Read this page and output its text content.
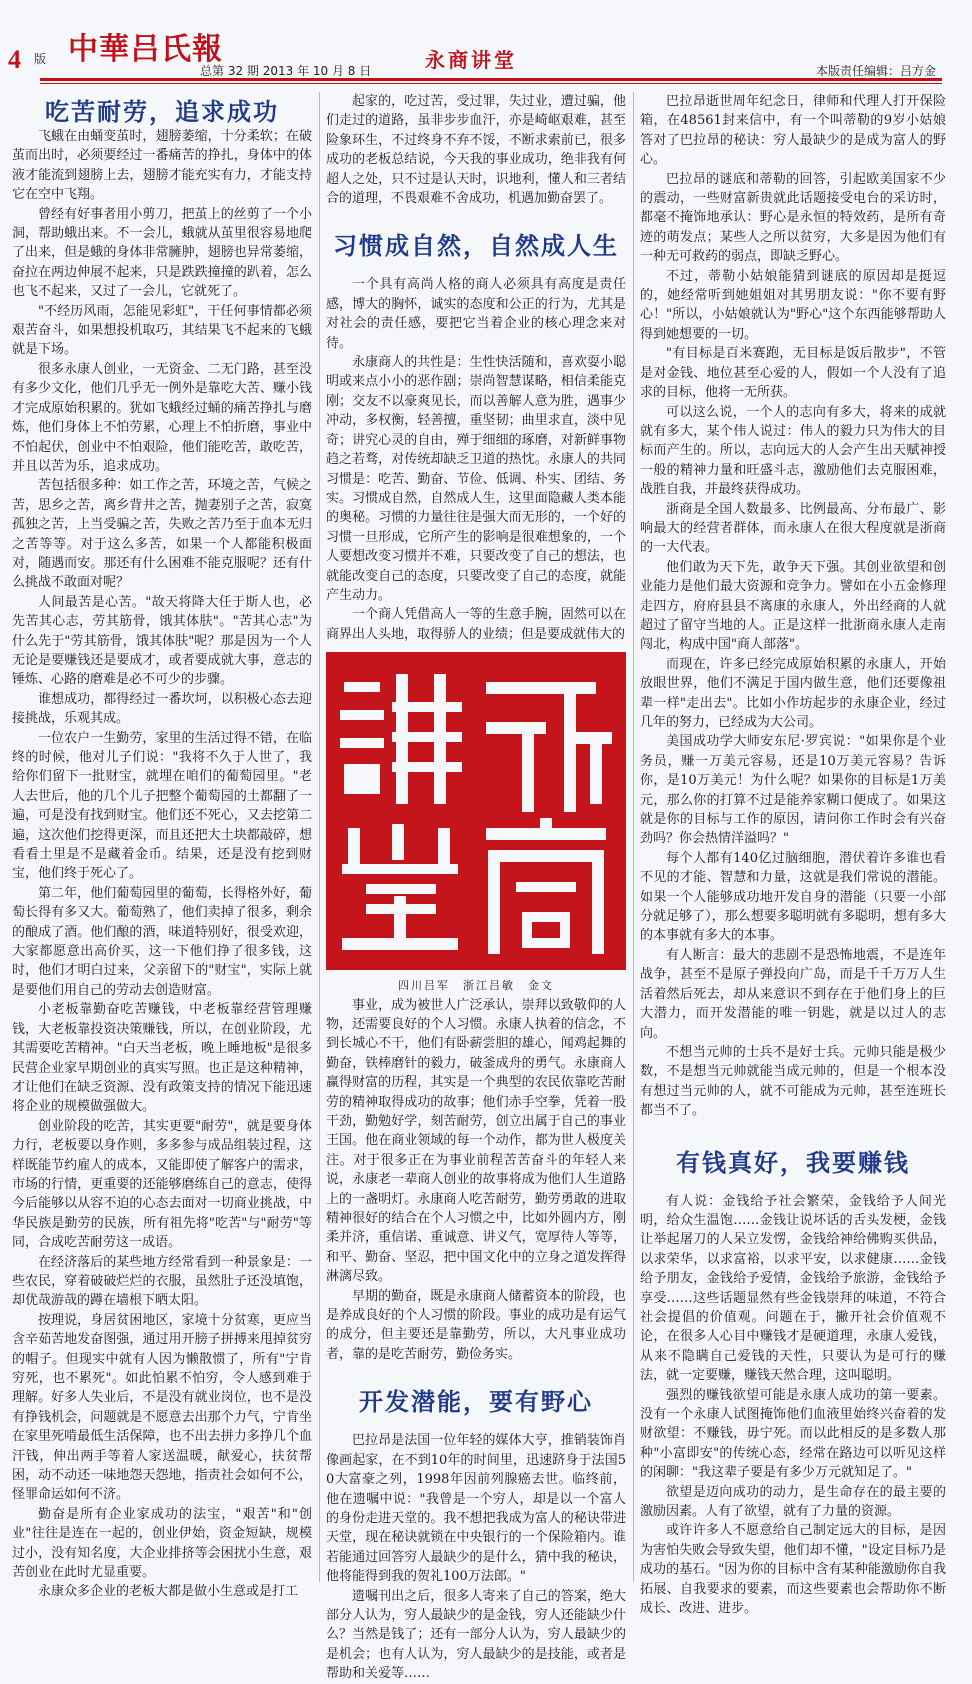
4 版 中華吕氏報
总第 32 期 2013 年 10 月 8 日	永商讲堂	本版责任编辑：吕方金

吃苦耐劳，追求成功

飞蛾在由蛹变茧时，翅膀萎缩，十分柔软；在破茧而出时，必须要经过一番痛苦的挣扎，身体中的体液才能流到翅膀上去，翅膀才能充实有力，才能支持它在空中飞翔。

曾经有好事者用小剪刀，把茧上的丝剪了一个小洞，帮助蛾出来。不一会儿，蛾就从茧里很容易地爬了出来，但是蛾的身体非常臃肿，翅膀也异常萎缩，奋拉在两边伸展不起来，只是跌跌撞撞的趴着，怎么也飞不起来，又过了一会儿，它就死了。

"不经历风雨，怎能见彩虹"，干任何事情都必须艰苦奋斗，如果想投机取巧，其结果飞不起来的飞蛾就是下场。

很多永康人创业，一无资金、二无门路，甚至没有多少文化，他们几乎无一例外是靠吃大苦、赚小钱才完成原始积累的。犹如飞蛾经过蛹的痛苦挣扎与磨炼，他们身体上不怕劳累，心理上不怕折磨，事业中不怕起伏，创业中不怕艰险，他们能吃苦，敢吃苦，并且以苦为乐，追求成功。

苦包括很多种：如工作之苦，环境之苦，气候之苦，思乡之苦，离乡背井之苦，抛妻别子之苦，寂寞孤独之苦，上当受骗之苦，失败之苦乃至于血本无归之苦等等。对于这么多苦，如果一个人都能积极面对，随遇而安。那还有什么困难不能克服呢？还有什么挑战不敢面对呢？

人间最苦是心苦。"故天将降大任于斯人也，必先苦其心志，劳其筋骨，饿其体肤"。"苦其心志"为什么先于"劳其筋骨，饿其体肤"呢？那是因为一个人无论是要赚钱还是要成才，或者要成就大事，意志的锤炼、心路的磨难是必不可少的步骤。

谁想成功，都得经过一番坎坷，以积极心态去迎接挑战，乐观其成。

一位农户一生勤劳，家里的生活过得不错，在临终的时候，他对儿子们说："我将不久于人世了，我给你们留下一批财宝，就埋在咱们的葡萄园里。"老人去世后，他的几个儿子把整个葡萄园的土都翻了一遍，可是没有找到财宝。他们还不死心，又去挖第二遍，这次他们挖得更深，而且还把大土块都敲碎，想看看土里是不是藏着金币。结果，还是没有挖到财宝，他们终于死心了。

第二年，他们葡萄园里的葡萄，长得格外好，葡萄长得有多又大。葡萄熟了，他们卖掉了很多，剩余的酿成了酒。他们酿的酒，味道特别好，很受欢迎，大家都愿意出高价买，这一下他们挣了很多钱，这时，他们才明白过来，父亲留下的"财宝"，实际上就是要他们用自己的劳动去创造财富。

小老板靠勤奋吃苦赚钱，中老板靠经营管理赚钱，大老板靠投资决策赚钱，所以，在创业阶段，尤其需要吃苦精神。"白天当老板，晚上睡地板"是很多民营企业家早期创业的真实写照。也正是这种精神，才让他们在缺乏资源、没有政策支持的情况下能迅速将企业的规模做强做大。

创业阶段的吃苦，其实更要"耐劳"，就是要身体力行，老板要以身作则，多多参与成品组装过程，这样既能节约雇人的成本，又能即使了解客户的需求，市场的行情，更重要的还能够磨练自己的意志，使得今后能够以从容不迫的心态去面对一切商业挑战，中华民族是勤劳的民族，所有祖先将"吃苦"与"耐劳"等同，合成吃苦耐劳这一成语。

在经济落后的某些地方经常看到一种景象是：一些农民，穿着破破烂烂的衣服，虽然肚子还没填饱，却优哉游哉的蹲在墙根下晒太阳。

按理说，身居贫困地区，家境十分贫寒，更应当含辛茹苦地发奋图强，通过用开膀子拼搏来甩掉贫穷的帽子。但现实中就有人因为懒散惯了，所有"宁肯穷死，也不累死"。如此怕累不怕穷，令人感到难于理解。好多人失业后，不是没有就业岗位，也不是没有挣钱机会，问题就是不愿意去出那个力气，宁肯坐在家里死啃最低生活保障，也不出去拼力多挣几个血汗钱，伸出两手等着人家送温暖，献爱心，扶贫帮困，动不动还一味地怨天怨地，指责社会如何不公，怪罪命运如何不济。

勤奋是所有企业家成功的法宝，"艰苦"和"创业"往往是连在一起的，创业伊始，资金短缺，规模过小，没有知名度，大企业排挤等会困扰小生意，艰苦创业在此时尤显重要。

永康众多企业的老板大都是做小生意或是打工

起家的，吃过苦，受过罪，失过业，遭过骗，他们走过的道路，虽非步步血汗，亦是崎岖艰难，甚至险象环生，不过终身不弃不馁，不断求索前已，很多成功的老板总结说，今天我的事业成功，绝非我有何超人之处，只不过是认天时，识地利，懂人和三者结合的道理，不畏艰难不舍成功，机遇加勤奋罢了。

习惯成自然，自然成人生

一个具有高尚人格的商人必须具有高度是责任感，博大的胸怀，诚实的态度和公正的行为，尤其是对社会的责任感，要把它当着企业的核心理念来对待。

永康商人的共性是：生性快活随和，喜欢耍小聪明或来点小小的恶作剧；崇尚智慧谋略，相信柔能克刚；交友不以豪爽见长，而以善解人意为胜，遇事少冲动，多权衡，轻善擅，重坚韧；曲里求直，淡中见奇；讲究心灵的自由，殚于细细的琢磨，对新鲜事物趋之若骛，对传统却缺乏卫道的热忱。永康人的共同习惯是：吃苦、勤奋、节俭、低调、朴实、团结、务实。习惯成自然，自然成人生，这里面隐藏人类本能的奥秘。习惯的力量往往是强大而无形的，一个好的习惯一旦形成，它所产生的影响是很难想象的，一个人要想改变习惯并不难，只要改变了自己的想法，也就能改变自己的态度，只要改变了自己的态度，就能产生动力。

一个商人凭借高人一等的生意手腕，固然可以在商界出人头地，取得骄人的业绩；但是要成就伟大的

四川吕军　浙江吕敏　金文

事业，成为被世人广泛承认，崇拜以致敬仰的人物，还需要良好的个人习惯。永康人执着的信念，不到长城心不干，他们有卧薪尝胆的雄心，闻鸡起舞的勤奋，铁棒磨针的毅力，破釜成舟的勇气。永康商人赢得财富的历程，其实是一个典型的农民依靠吃苦耐劳的精神取得成功的故事；他们赤手空拳，凭着一股干劲，勤勉好学，刻苦耐劳，创立出属于自己的事业王国。他在商业领域的每一个动作，都为世人极度关注。对于很多正在为事业前程苦苦奋斗的年轻人来说，永康老一辈商人创业的故事将成为他们人生道路上的一盏明灯。永康商人吃苦耐劳，勤劳勇敢的进取精神很好的结合在个人习惯之中，比如外圆内方，刚柔并济，重信诺、重诚意、讲义气，宽厚待人等等，和平、勤奋、坚忍，把中国文化中的立身之道发挥得淋漓尽致。

早期的勤奋，既是永康商人储蓄资本的阶段，也是养成良好的个人习惯的阶段。事业的成功是有运气的成分，但主要还是靠勤劳，所以，大凡事业成功者，靠的是吃苦耐劳，勤俭务实。

开发潜能，要有野心

巴拉昂是法国一位年轻的媒体大亨，推销装饰肖像画起家，在不到10年的时间里，迅速跻身于法国50大富豪之列，1998年因前列腺癌去世。临终前，他在遗嘱中说："我曾是一个穷人，却是以一个富人的身份走进天堂的。我不想把我成为富人的秘诀带进天堂，现在秘诀就锁在中央银行的一个保险箱内。谁若能通过回答穷人最缺少的是什么，猜中我的秘诀，他将能得到我的贺礼100万法郎。"

遗嘱刊出之后，很多人寄来了自己的答案，绝大部分人认为，穷人最缺少的是金钱，穷人还能缺少什么？当然是钱了；还有一部分人认为，穷人最缺少的是机会；也有人认为，穷人最缺少的是技能，或者是帮助和关爱等……

巴拉昂逝世周年纪念日，律师和代理人打开保险箱，在48561封来信中，有一个叫蒂勒的9岁小姑娘答对了巴拉昂的秘诀：穷人最缺少的是成为富人的野心。

巴拉昂的谜底和蒂勒的回答，引起欧美国家不少的震动，一些财富新贵就此话题接受电台的采访时，都毫不掩饰地承认：野心是永恒的特效药，是所有奇迹的萌发点；某些人之所以贫穷，大多是因为他们有一种无可救药的弱点，即缺乏野心。

不过，蒂勒小姑娘能猜到谜底的原因却是挺逗的，她经常听到她姐姐对其男朋友说："你不要有野心！"所以，小姑娘就认为"野心"这个东西能够帮助人得到她想要的一切。

"有目标是百米赛跑，无目标是饭后散步"，不管是对金钱、地位甚至心爱的人，假如一个人没有了追求的目标，他将一无所获。

可以这么说，一个人的志向有多大，将来的成就就有多大，某个伟人说过：伟人的毅力只为伟大的目标而产生的。所以，志向远大的人会产生出天赋神授一般的精神力量和旺盛斗志，激励他们去克服困难，战胜自我，并最终获得成功。

浙商是全国人数最多、比例最高、分布最广、影响最大的经营者群体，而永康人在很大程度就是浙商的一大代表。

他们敢为天下先，敢争天下强。其创业欲望和创业能力是他们最大资源和竞争力。譬如在小五金修理走四方，府府县县不离康的永康人，外出经商的人就超过了留守当地的人。正是这样一批浙商永康人走南闯北，构成中国"商人部落"。

而现在，许多已经完成原始积累的永康人，开始放眼世界，他们不满足于国内做生意，他们还要像祖辈一样"走出去"。比如小作坊起步的永康企业，经过几年的努力，已经成为大公司。

美国成功学大师安东尼·罗宾说："如果你是个业务员，赚一万美元容易，还是10万美元容易？告诉你，是10万美元！为什么呢？如果你的目标是1万美元，那么你的打算不过是能养家糊口便成了。如果这就是你的目标与工作的原因，请问你工作时会有兴奋劲吗？你会热情洋溢吗？"

每个人都有140亿过脑细胞，潜伏着许多谁也看不见的才能、智慧和力量，这就是我们常说的潜能。如果一个人能够成功地开发自身的潜能（只要一小部分就足够了），那么想要多聪明就有多聪明，想有多大的本事就有多大的本事。

有人断言：最大的悲剧不是恐怖地震，不是连年战争，甚至不是原子弹投向广岛，而是千千万万人生活着然后死去，却从来意识不到存在于他们身上的巨大潜力，而开发潜能的唯一钥匙，就是以过人的志向。

不想当元帅的士兵不是好士兵。元帅只能是极少数，不是想当元帅就能当成元帅的，但是一个根本没有想过当元帅的人，就不可能成为元帅，甚至连班长都当不了。

有钱真好，我要赚钱

有人说：金钱给予社会繁荣，金钱给予人间光明，给众生温饱……金钱让说坏话的舌头发梗，金钱让举起屠刀的人呆立发愣，金钱给神给佛购买供品，以求荣华，以求富裕，以求平安，以求健康……金钱给予朋友，金钱给予爱情，金钱给予旅游，金钱给予享受……这些话题显然有些金钱崇拜的味道，不符合社会提倡的价值观。问题在于，撇开社会价值观不论，在很多人心目中赚钱才是硬道理，永康人爱钱，从来不隐瞒自己爱钱的天性，只要认为是可行的赚法，就一定要赚，赚钱天然合理，这叫聪明。

强烈的赚钱欲望可能是永康人成功的第一要素。没有一个永康人试图掩饰他们血液里始终兴奋着的发财欲望：不赚钱，毋宁死。而以此相反的是多数人那种"小富即安"的传统心态，经常在路边可以听见这样的闲聊："我这辈子要是有多少万元就知足了。"

欲望是迈向成功的动力，是生命存在的最主要的激励因素。人有了欲望，就有了力量的资源。

或许许多人不愿意给自己制定远大的目标，是因为害怕失败会导致失望，他们却不懂，"设定目标乃是成功的基石。"因为你的目标中含有某种能激励你自我拓展、自我要求的要素，而这些要素也会帮助你不断成长、改进、进步。
